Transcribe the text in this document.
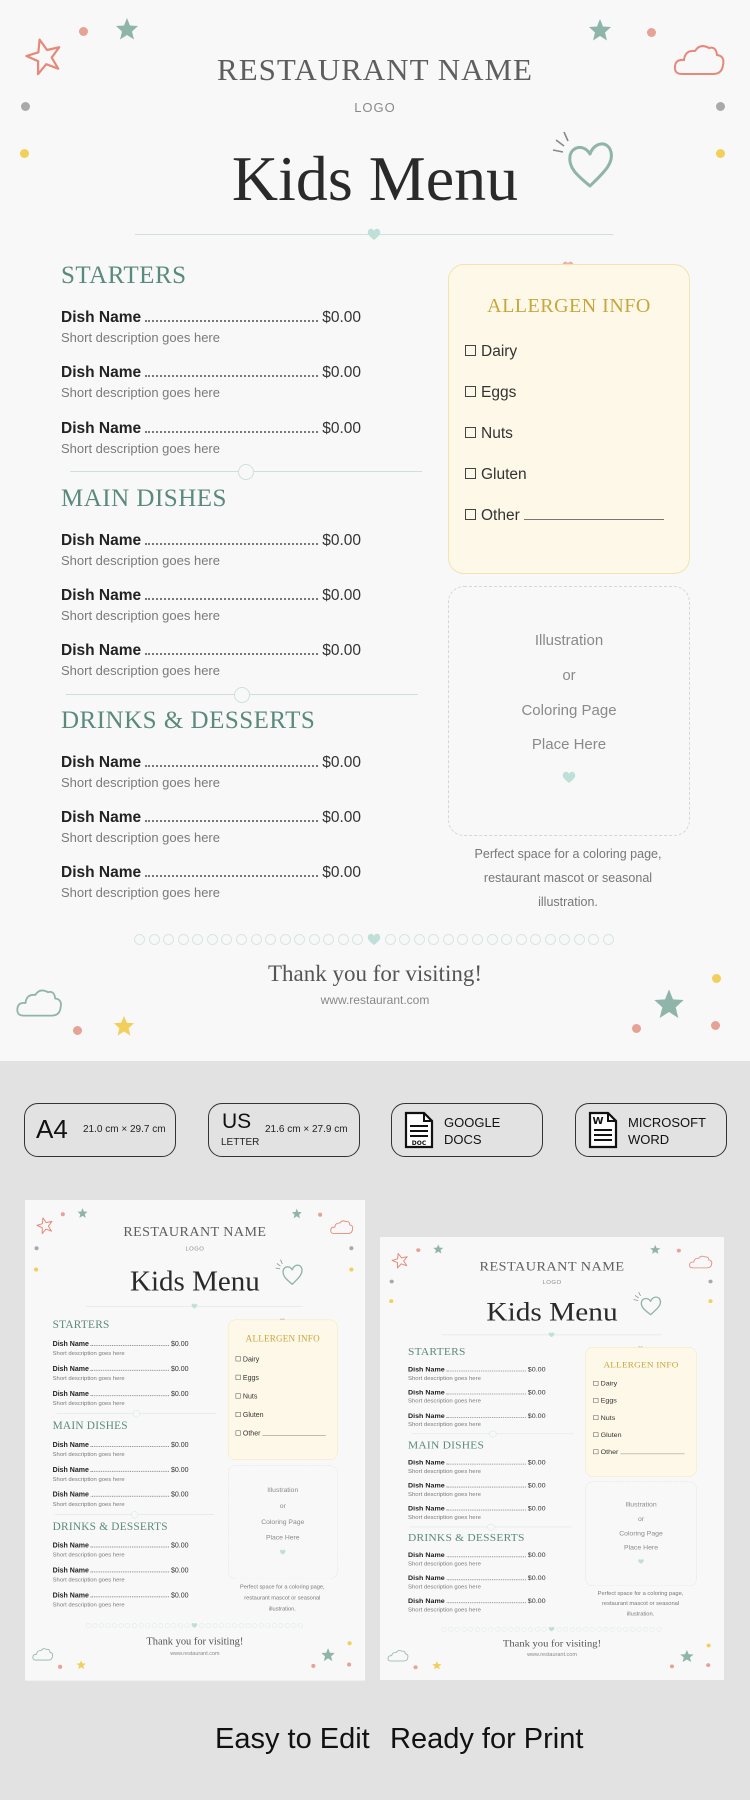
RESTAURANT NAME
LOGO
Kids Menu
STARTERS
Dish Name	$0.00
Short description goes here
Dish Name	$0.00
Short description goes here
Dish Name	$0.00
Short description goes here
MAIN DISHES
Dish Name	$0.00
Short description goes here
Dish Name	$0.00
Short description goes here
Dish Name	$0.00
Short description goes here
DRINKS & DESSERTS
Dish Name	$0.00
Short description goes here
Dish Name	$0.00
Short description goes here
Dish Name	$0.00
Short description goes here
ALLERGEN INFO
Dairy
Eggs
Nuts
Gluten
Other
Illustration
or
Coloring Page
Place Here
Perfect space for a coloring page,
restaurant mascot or seasonal
illustration.
Thank you for visiting!
www.restaurant.com
A4 21.0 cm × 29.7 cm	US
LETTER
21.6 cm × 27.9 cm
DOC
GOOGLE
DOCS
W MICROSOFT
WORD
RESTAURANT NAME
LOGO
Kids Menu
STARTERS
Dish Name	$0.00
Short description goes here
Dish Name	$0.00
Short description goes here
Dish Name	$0.00
Short description goes here
MAIN DISHES
Dish Name	$0.00
Short description goes here
Dish Name	$0.00
Short description goes here
Dish Name	$0.00
Short description goes here
DRINKS & DESSERTS
Dish Name	$0.00
Short description goes here
Dish Name	$0.00
Short description goes here
Dish Name	$0.00
Short description goes here
ALLERGEN INFO
Dairy
Eggs
Nuts
Gluten
Other
Illustration
or
Coloring Page
Place Here
Perfect space for a coloring page,
restaurant mascot or seasonal
illustration.
Thank you for visiting!
www.restaurant.com
RESTAURANT NAME
LOGO
Kids Menu
STARTERS
Dish Name	$0.00
Short description goes here
Dish Name	$0.00
Short description goes here
Dish Name	$0.00
Short description goes here
MAIN DISHES
Dish Name	$0.00
Short description goes here
Dish Name	$0.00
Short description goes here
Dish Name	$0.00
Short description goes here
DRINKS & DESSERTS
Dish Name	$0.00
Short description goes here
Dish Name	$0.00
Short description goes here
Dish Name	$0.00
Short description goes here
ALLERGEN INFO
Dairy
Eggs
Nuts
Gluten
Other
Illustration
or
Coloring Page
Place Here
Perfect space for a coloring page,
restaurant mascot or seasonal
illustration.
Thank you for visiting!
www.restaurant.com
Easy to Edit Ready for Print
